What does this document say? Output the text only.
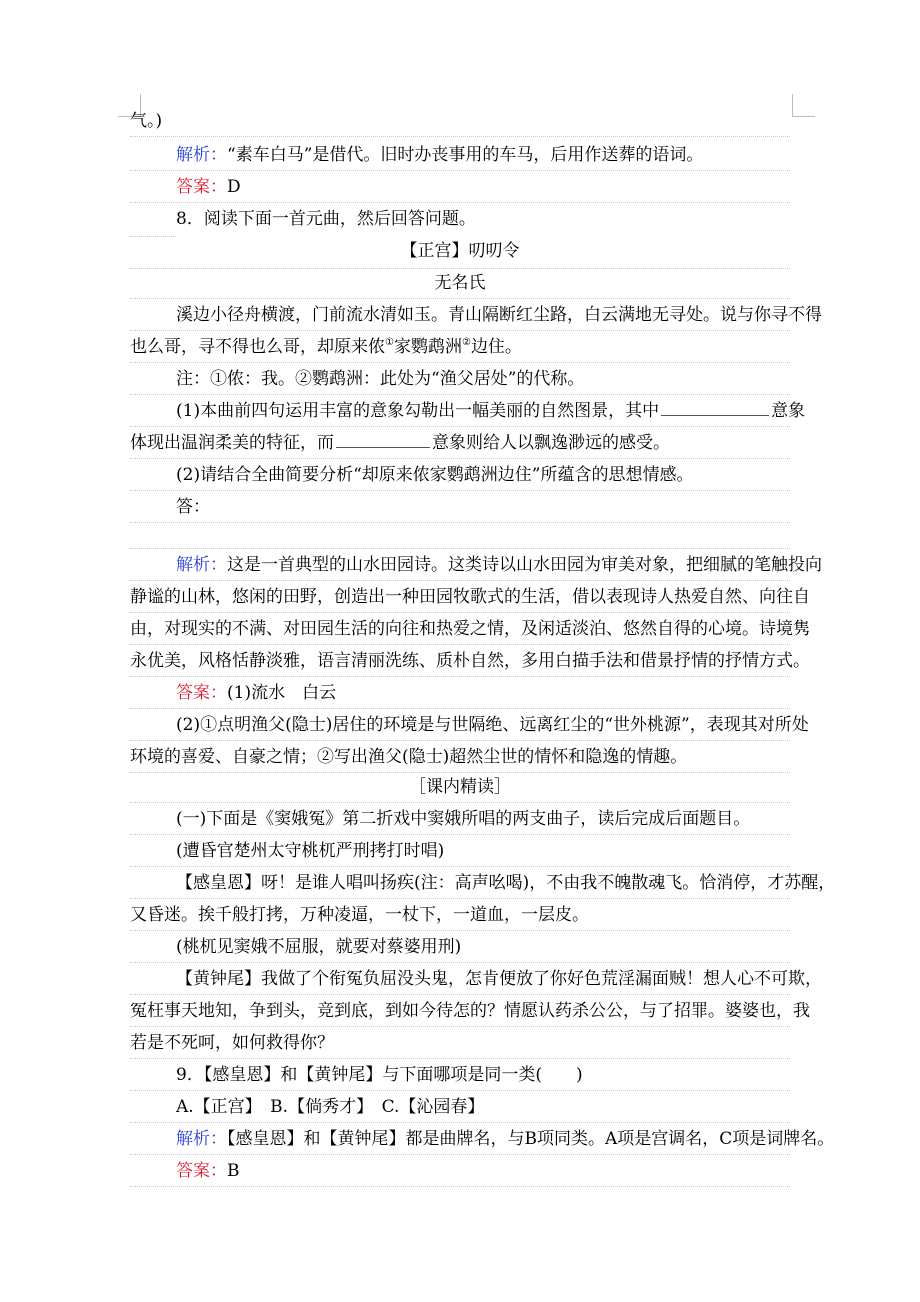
气。)
解析：“素车白马”是借代。旧时办丧事用的车马，后用作送葬的语词。
答案：D
8．阅读下面一首元曲，然后回答问题。
【正宫】叨叨令
无名氏
溪边小径舟横渡，门前流水清如玉。青山隔断红尘路，白云满地无寻处。说与你寻不得
也么哥，寻不得也么哥，却原来侬①家鹦鹉洲②边住。
注：①侬：我。②鹦鹉洲：此处为“渔父居处”的代称。
(1)本曲前四句运用丰富的意象勾勒出一幅美丽的自然图景，其中	意象
体现出温润柔美的特征，而	意象则给人以飘逸渺远的感受。
(2)请结合全曲简要分析“却原来侬家鹦鹉洲边住”所蕴含的思想情感。
答：
解析：这是一首典型的山水田园诗。这类诗以山水田园为审美对象，把细腻的笔触投向
静谧的山林，悠闲的田野，创造出一种田园牧歌式的生活，借以表现诗人热爱自然、向往自
由，对现实的不满、对田园生活的向往和热爱之情，及闲适淡泊、悠然自得的心境。诗境隽
永优美，风格恬静淡雅，语言清丽洗练、质朴自然，多用白描手法和借景抒情的抒情方式。
答案：(1)流水　白云
(2)①点明渔父(隐士)居住的环境是与世隔绝、远离红尘的“世外桃源”，表现其对所处
环境的喜爱、自豪之情；②写出渔父(隐士)超然尘世的情怀和隐逸的情趣。
［课内精读］
(一)下面是《窦娥冤》第二折戏中窦娥所唱的两支曲子，读后完成后面题目。
(遭昏官楚州太守桃杌严刑拷打时唱)
【感皇恩】呀！是谁人唱叫扬疾(注：高声吆喝)，不由我不魄散魂飞。恰消停，才苏醒，
又昏迷。挨千般打拷，万种凌逼，一杖下，一道血，一层皮。
(桃杌见窦娥不屈服，就要对蔡婆用刑)
【黄钟尾】我做了个衔冤负屈没头鬼，怎肯便放了你好色荒淫漏面贼！想人心不可欺，
冤枉事天地知，争到头，竞到底，到如今待怎的？情愿认药杀公公，与了招罪。婆婆也，我
若是不死呵，如何救得你？
9．【感皇恩】和【黄钟尾】与下面哪项是同一类(　　)
A.【正宫】　B.【倘秀才】　C.【沁园春】
解析：【感皇恩】和【黄钟尾】都是曲牌名，与B项同类。A项是宫调名，C项是词牌名。
答案：B
